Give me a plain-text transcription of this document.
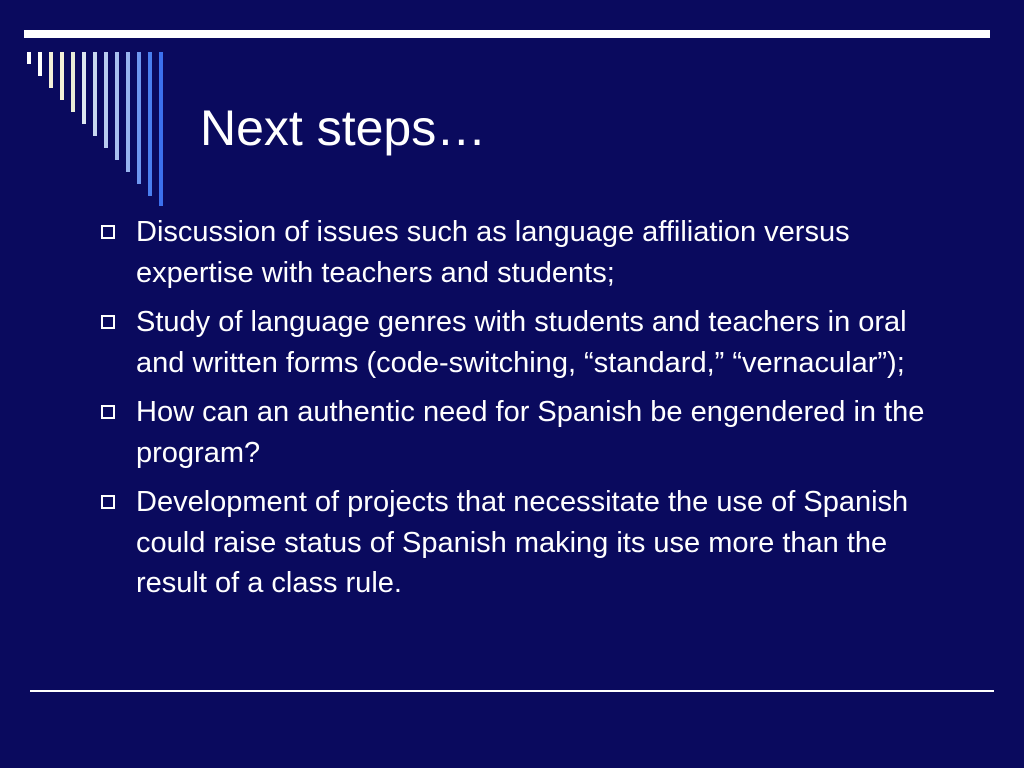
Next steps…
Discussion of issues such as language affiliation versus expertise with teachers and students;
Study of language genres with students and teachers in oral and written forms (code-switching, “standard,” “vernacular”);
How can an authentic need for Spanish be engendered in the program?
Development of projects that necessitate the use of Spanish could raise status of Spanish making its use more than the result of a class rule.
